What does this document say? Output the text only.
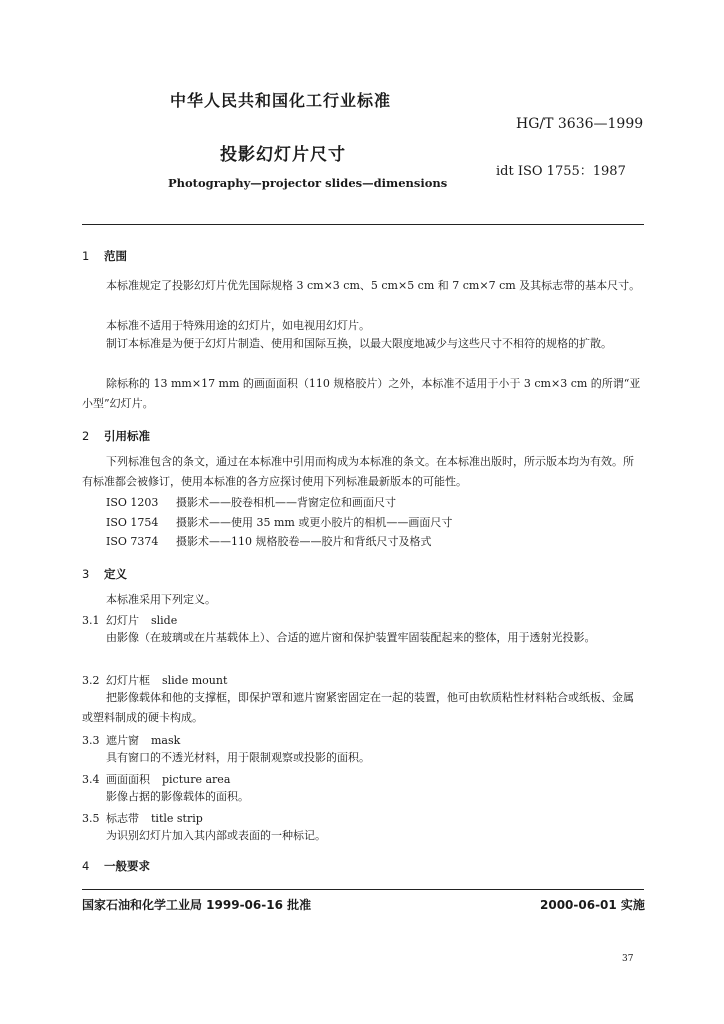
中华人民共和国化工行业标准
HG/T 3636—1999
投影幻灯片尺寸
idt ISO 1755：1987
Photography—projector slides—dimensions
1 范围
本标准规定了投影幻灯片优先国际规格 3 cm×3 cm、5 cm×5 cm 和 7 cm×7 cm 及其标志带的基本尺寸。
本标准不适用于特殊用途的幻灯片，如电视用幻灯片。
制订本标准是为便于幻灯片制造、使用和国际互换，以最大限度地减少与这些尺寸不相符的规格的扩散。
除标称的 13 mm×17 mm 的画面面积（110 规格胶片）之外，本标准不适用于小于 3 cm×3 cm 的所谓“亚小型”幻灯片。
2 引用标准
下列标准包含的条文，通过在本标准中引用而构成为本标准的条文。在本标准出版时，所示版本均为有效。所有标准都会被修订，使用本标准的各方应探讨使用下列标准最新版本的可能性。
ISO 1203 摄影术——胶卷相机——背窗定位和画面尺寸
ISO 1754 摄影术——使用 35 mm 或更小胶片的相机——画面尺寸
ISO 7374 摄影术——110 规格胶卷——胶片和背纸尺寸及格式
3 定义
本标准采用下列定义。
3.1 幻灯片 slide
由影像（在玻璃或在片基载体上）、合适的遮片窗和保护装置牢固装配起来的整体，用于透射光投影。
3.2 幻灯片框 slide mount
把影像载体和他的支撑框，即保护罩和遮片窗紧密固定在一起的装置，他可由软质粘性材料粘合或纸板、金属或塑料制成的硬卡构成。
3.3 遮片窗 mask
具有窗口的不透光材料，用于限制观察或投影的面积。
3.4 画面面积 picture area
影像占据的影像载体的面积。
3.5 标志带 title strip
为识别幻灯片加入其内部或表面的一种标记。
4 一般要求
国家石油和化学工业局 1999-06-16 批准	2000-06-01 实施
37
